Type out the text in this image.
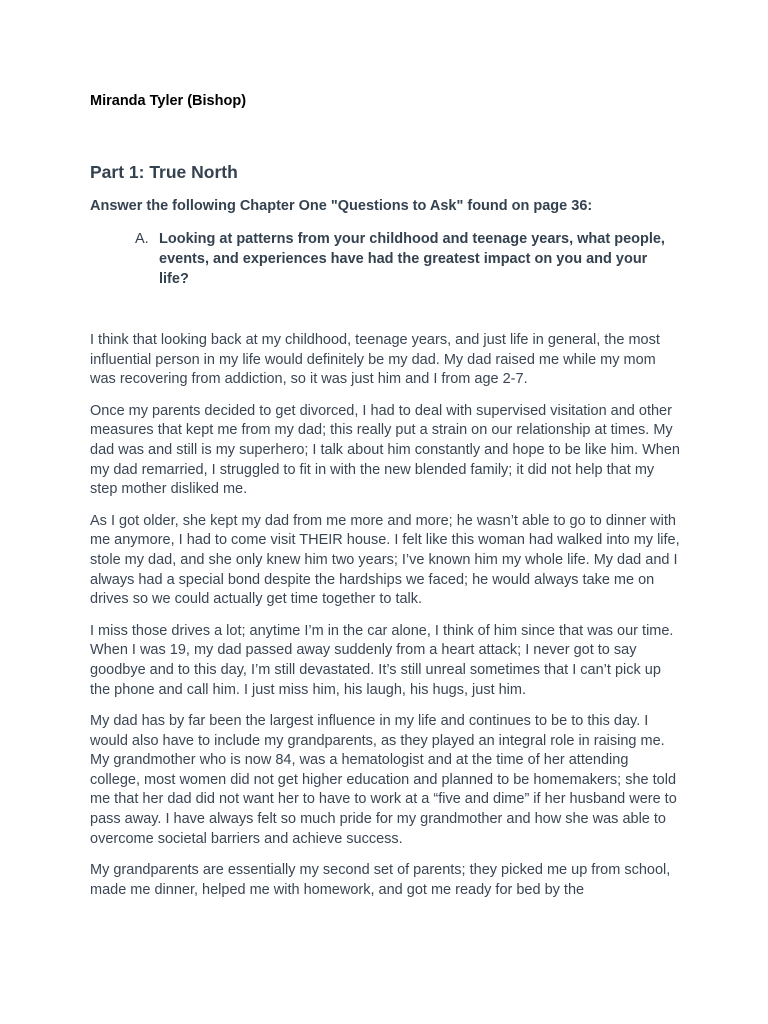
Miranda Tyler (Bishop)

Part 1: True North

Answer the following Chapter One "Questions to Ask" found on page 36:

A. Looking at patterns from your childhood and teenage years, what people, events, and experiences have had the greatest impact on you and your life?

I think that looking back at my childhood, teenage years, and just life in general, the most influential person in my life would definitely be my dad. My dad raised me while my mom was recovering from addiction, so it was just him and I from age 2-7.

Once my parents decided to get divorced, I had to deal with supervised visitation and other measures that kept me from my dad; this really put a strain on our relationship at times. My dad was and still is my superhero; I talk about him constantly and hope to be like him. When my dad remarried, I struggled to fit in with the new blended family; it did not help that my step mother disliked me.

As I got older, she kept my dad from me more and more; he wasn’t able to go to dinner with me anymore, I had to come visit THEIR house. I felt like this woman had walked into my life, stole my dad, and she only knew him two years; I’ve known him my whole life. My dad and I always had a special bond despite the hardships we faced; he would always take me on drives so we could actually get time together to talk.

I miss those drives a lot; anytime I’m in the car alone, I think of him since that was our time. When I was 19, my dad passed away suddenly from a heart attack; I never got to say goodbye and to this day, I’m still devastated. It’s still unreal sometimes that I can’t pick up the phone and call him. I just miss him, his laugh, his hugs, just him.

My dad has by far been the largest influence in my life and continues to be to this day. I would also have to include my grandparents, as they played an integral role in raising me. My grandmother who is now 84, was a hematologist and at the time of her attending college, most women did not get higher education and planned to be homemakers; she told me that her dad did not want her to have to work at a “five and dime” if her husband were to pass away. I have always felt so much pride for my grandmother and how she was able to overcome societal barriers and achieve success.

My grandparents are essentially my second set of parents; they picked me up from school, made me dinner, helped me with homework, and got me ready for bed by the
